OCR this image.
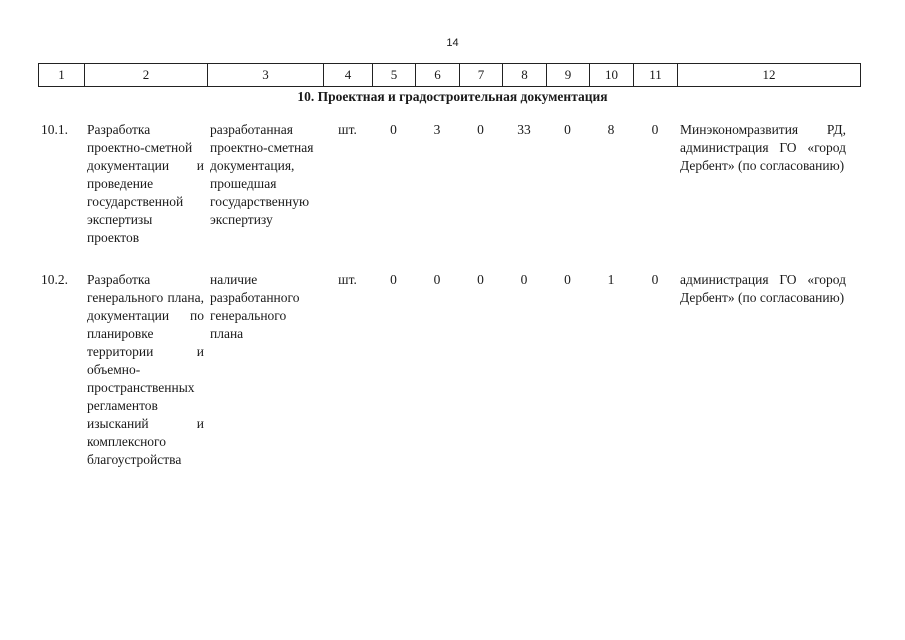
14
1	2	3	4	5	6	7	8	9	10	11	12
10. Проектная и градостроительная документация
10.1.	Разработка проектно-сметной документации и проведение государственной экспертизы проектов	разработанная проектно-сметная документация, прошедшая государственную экспертизу	шт.	0	3	0	33	0	8	0	Минэкономразвития РД, администрация ГО «город Дербент» (по согласованию)
10.2.	Разработка генерального плана, документации по планировке территории и объемно-пространственных регламентов изысканий и комплексного благоустройства	наличие разработанного генерального плана	шт.	0	0	0	0	0	1	0	администрация ГО «город Дербент» (по согласованию)
